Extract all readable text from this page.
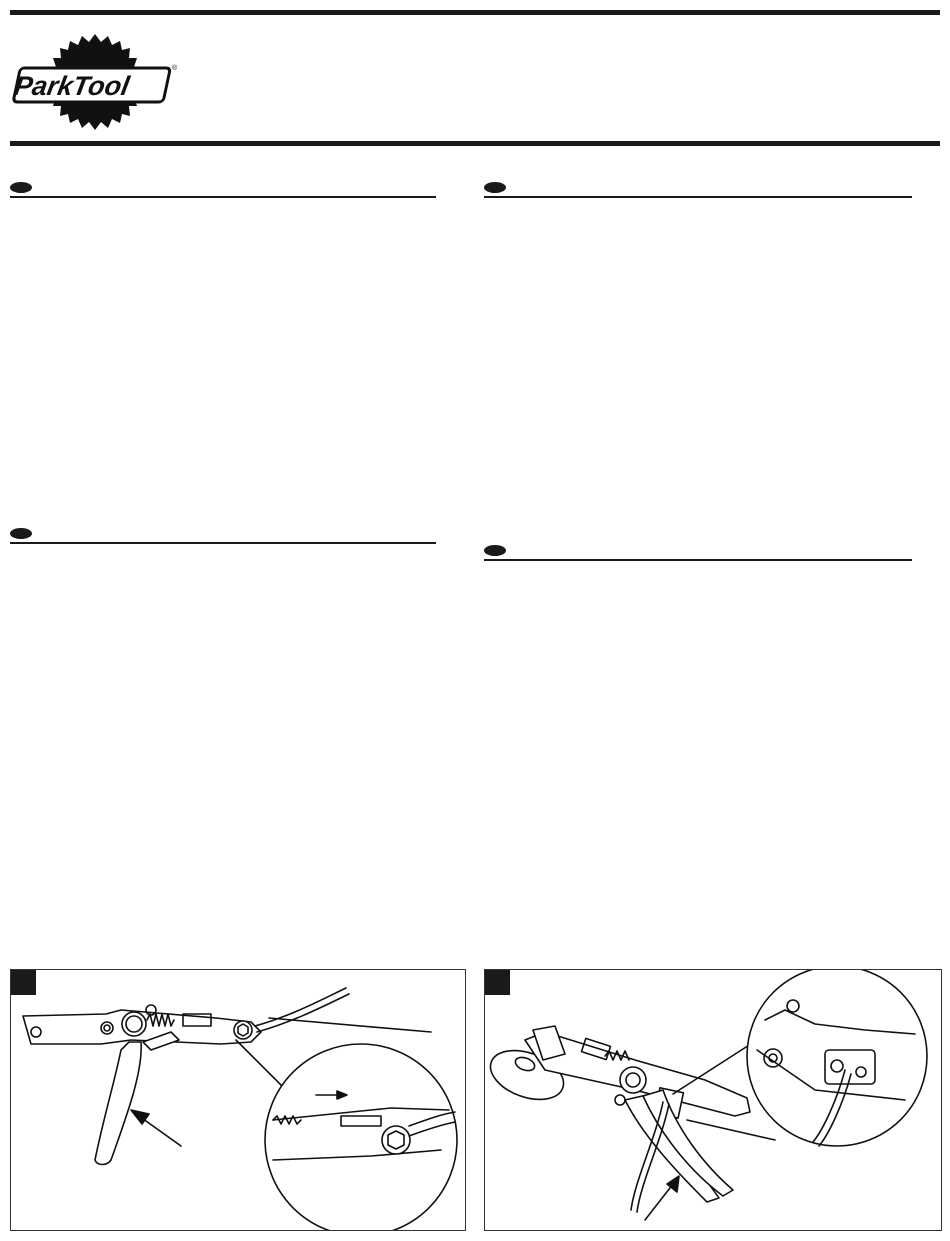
ParkTool
®
